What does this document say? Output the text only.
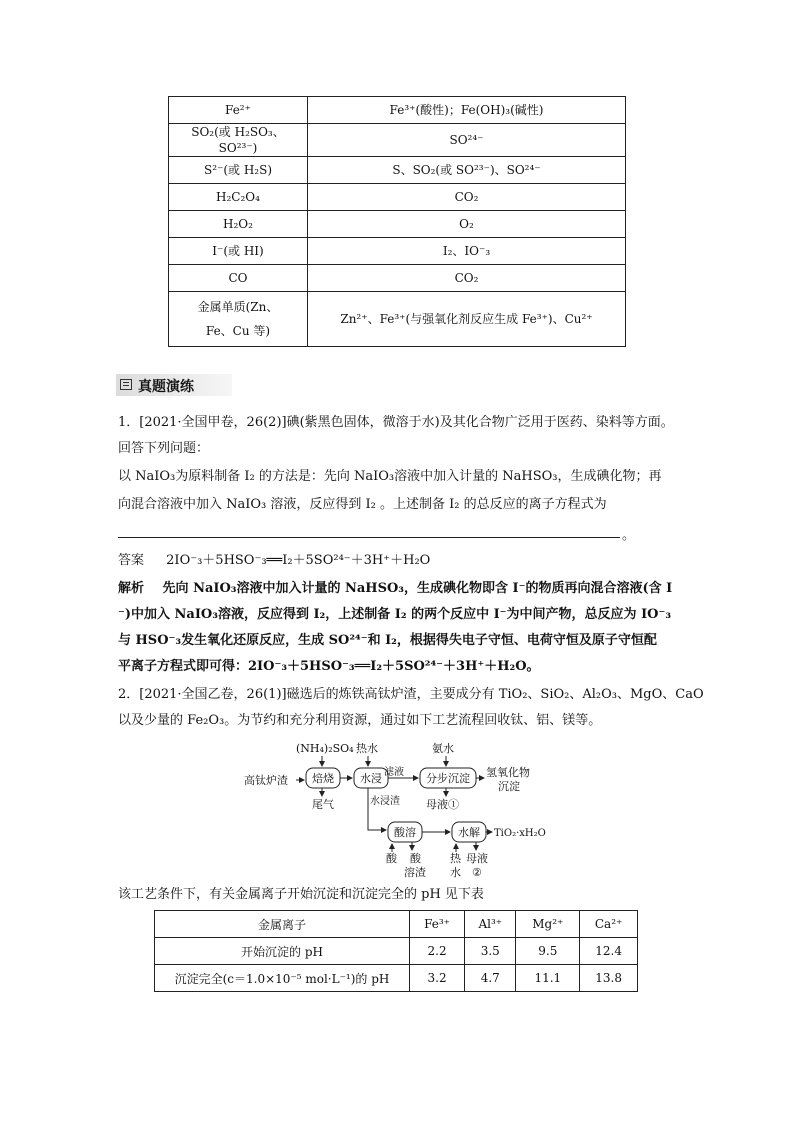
Fe²⁺	Fe³⁺(酸性)；Fe(OH)₃(碱性)
SO₂(或 H₂SO₃、SO²³⁻)	SO²⁴⁻
S²⁻(或 H₂S)	S、SO₂(或 SO²³⁻)、SO²⁴⁻
H₂C₂O₄	CO₂
H₂O₂	O₂
I⁻(或 HI)	I₂、IO⁻₃
CO	CO₂

金属单质(Zn、
Fe、Cu 等)	Zn²⁺、Fe³⁺(与强氧化剂反应生成 Fe³⁺)、Cu²⁺
真题演练
1．[2021·全国甲卷，26(2)]碘(紫黑色固体，微溶于水)及其化合物广泛用于医药、染料等方面。
回答下列问题：
以 NaIO₃为原料制备 I₂ 的方法是：先向 NaIO₃溶液中加入计量的 NaHSO₃，生成碘化物；再
向混合溶液中加入 NaIO₃ 溶液，反应得到 I₂ 。上述制备 I₂ 的总反应的离子方程式为
。
答案 2IO⁻₃＋5HSO⁻₃══I₂＋5SO²⁴⁻＋3H⁺＋H₂O
解析 先向 NaIO₃溶液中加入计量的 NaHSO₃，生成碘化物即含 I⁻的物质再向混合溶液(含 I
⁻)中加入 NaIO₃溶液，反应得到 I₂，上述制备 I₂ 的两个反应中 I⁻为中间产物，总反应为 IO⁻₃
与 HSO⁻₃发生氧化还原反应，生成 SO²⁴⁻和 I₂，根据得失电子守恒、电荷守恒及原子守恒配
平离子方程式即可得：2IO⁻₃＋5HSO⁻₃══I₂＋5SO²⁴⁻＋3H⁺＋H₂O。
2．[2021·全国乙卷，26(1)]磁选后的炼铁高钛炉渣，主要成分有 TiO₂、SiO₂、Al₂O₃、MgO、CaO
以及少量的 Fe₂O₃。为节约和充分利用资源，通过如下工艺流程回收钛、铝、镁等。
(NH₄)₂SO₄ 热水	氨水
高钛炉渣
滤液	氢氧化物
沉淀
尾气	水浸渣 母液①
TiO₂·xH₂O
酸 酸
溶渣
热
水
母液
②
焙烧 水浸	分步沉淀
酸溶	水解
该工艺条件下，有关金属离子开始沉淀和沉淀完全的 pH 见下表
金属离子	Fe³⁺	Al³⁺	Mg²⁺	Ca²⁺
开始沉淀的 pH	2.2	3.5	9.5	12.4
沉淀完全(c＝1.0×10⁻⁵ mol·L⁻¹)的 pH	3.2	4.7	11.1	13.8
